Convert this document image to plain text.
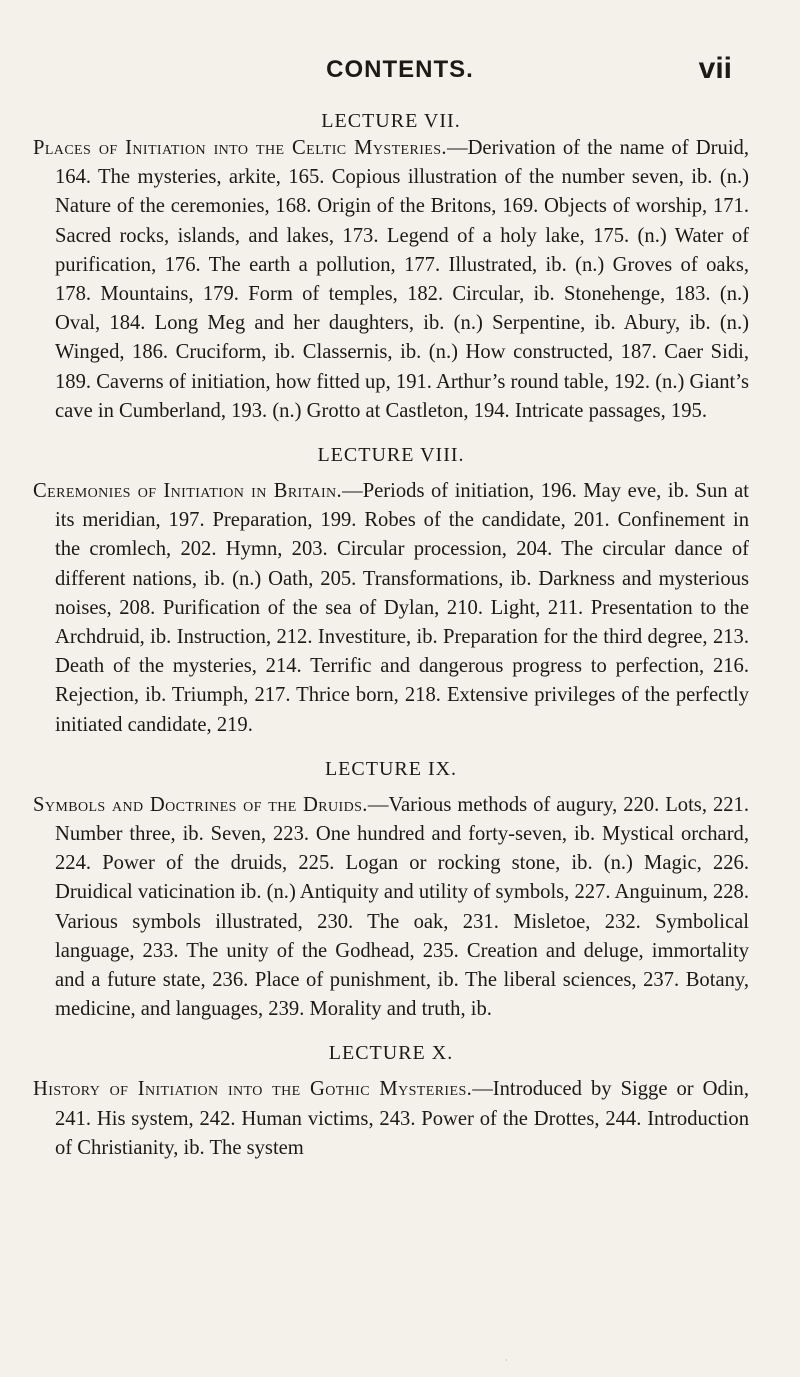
CONTENTS.	vii

LECTURE VII.

Places of Initiation into the Celtic Mysteries.—Derivation of the name of Druid, 164. The mysteries, arkite, 165. Copious illustration of the number seven, ib. (n.) Nature of the ceremonies, 168. Origin of the Britons, 169. Objects of worship, 171. Sacred rocks, islands, and lakes, 173. Legend of a holy lake, 175. (n.) Water of purification, 176. The earth a pollution, 177. Illustrated, ib. (n.) Groves of oaks, 178. Mountains, 179. Form of temples, 182. Circular, ib. Stonehenge, 183. (n.) Oval, 184. Long Meg and her daughters, ib. (n.) Serpentine, ib. Abury, ib. (n.) Winged, 186. Cruciform, ib. Classernis, ib. (n.) How constructed, 187. Caer Sidi, 189. Caverns of initiation, how fitted up, 191. Arthur’s round table, 192. (n.) Giant’s cave in Cumberland, 193. (n.) Grotto at Castleton, 194. Intricate passages, 195.

LECTURE VIII.

Ceremonies of Initiation in Britain.—Periods of initiation, 196. May eve, ib. Sun at its meridian, 197. Preparation, 199. Robes of the candidate, 201. Confinement in the cromlech, 202. Hymn, 203. Circular procession, 204. The circular dance of different nations, ib. (n.) Oath, 205. Transformations, ib. Darkness and mysterious noises, 208. Purification of the sea of Dylan, 210. Light, 211. Presentation to the Archdruid, ib. Instruction, 212. Investiture, ib. Preparation for the third degree, 213. Death of the mysteries, 214. Terrific and dangerous progress to perfection, 216. Rejection, ib. Triumph, 217. Thrice born, 218. Extensive privileges of the perfectly initiated candidate, 219.

LECTURE IX.

Symbols and Doctrines of the Druids.—Various methods of augury, 220. Lots, 221. Number three, ib. Seven, 223. One hundred and forty-seven, ib. Mystical orchard, 224. Power of the druids, 225. Logan or rocking stone, ib. (n.) Magic, 226. Druidical vaticination ib. (n.) Antiquity and utility of symbols, 227. Anguinum, 228. Various symbols illustrated, 230. The oak, 231. Misletoe, 232. Symbolical language, 233. The unity of the Godhead, 235. Creation and deluge, immortality and a future state, 236. Place of punishment, ib. The liberal sciences, 237. Botany, medicine, and languages, 239. Morality and truth, ib.

LECTURE X.

History of Initiation into the Gothic Mysteries.—Introduced by Sigge or Odin, 241. His system, 242. Human victims, 243. Power of the Drottes, 244. Introduction of Christianity, ib. The system

·
